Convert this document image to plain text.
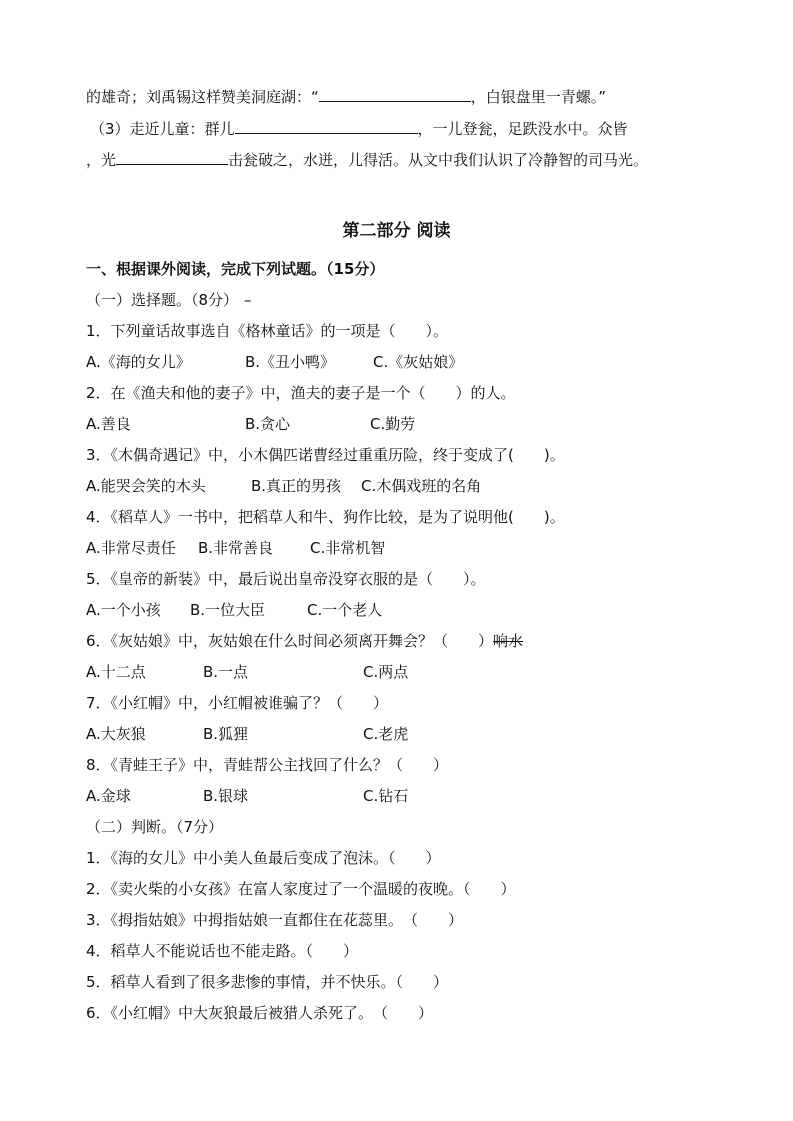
的雄奇；刘禹锡这样赞美洞庭湖：“	，白银盘里一青螺。”
（3）走近儿童：群儿	，一儿登瓮，足跌没水中。众皆
，光	击瓮破之，水迸，儿得活。从文中我们认识了冷静智的司马光。
第二部分 阅读
一、根据课外阅读，完成下列试题。（15分）
（一）选择题。（8分） –
1．下列童话故事选自《格林童话》的一项是（　　）。
A.《海的女儿》	B.《丑小鸭》	C.《灰姑娘》
2．在《渔夫和他的妻子》中，渔夫的妻子是一个（　　）的人。
A.善良	B.贪心	C.勤劳
3．《木偶奇遇记》中，小木偶匹诺曹经过重重历险，终于变成了(　　)。
A.能哭会笑的木头	B.真正的男孩 C.木偶戏班的名角
4．《稻草人》一书中，把稻草人和牛、狗作比较，是为了说明他(　　)。
A.非常尽责任 B.非常善良 C.非常机智
5．《皇帝的新装》中，最后说出皇帝没穿衣服的是（　　）。
A.一个小孩 B.一位大臣	C.一个老人
6．《灰姑娘》中，灰姑娘在什么时间必须离开舞会？（　　）响水
A.十二点	B.一点	C.两点
7．《小红帽》中，小红帽被谁骗了？（　　）
A.大灰狼	B.狐狸	C.老虎
8．《青蛙王子》中，青蛙帮公主找回了什么？（　　）
A.金球	B.银球	C.钻石
（二）判断。（7分）
1．《海的女儿》中小美人鱼最后变成了泡沫。（　　）
2．《卖火柴的小女孩》在富人家度过了一个温暖的夜晚。（　　）
3．《拇指姑娘》中拇指姑娘一直都住在花蕊里。　（　　）
4．稻草人不能说话也不能走路。（　　）
5．稻草人看到了很多悲惨的事情，并不快乐。（　　）
6．《小红帽》中大灰狼最后被猎人杀死了。　（　　）
